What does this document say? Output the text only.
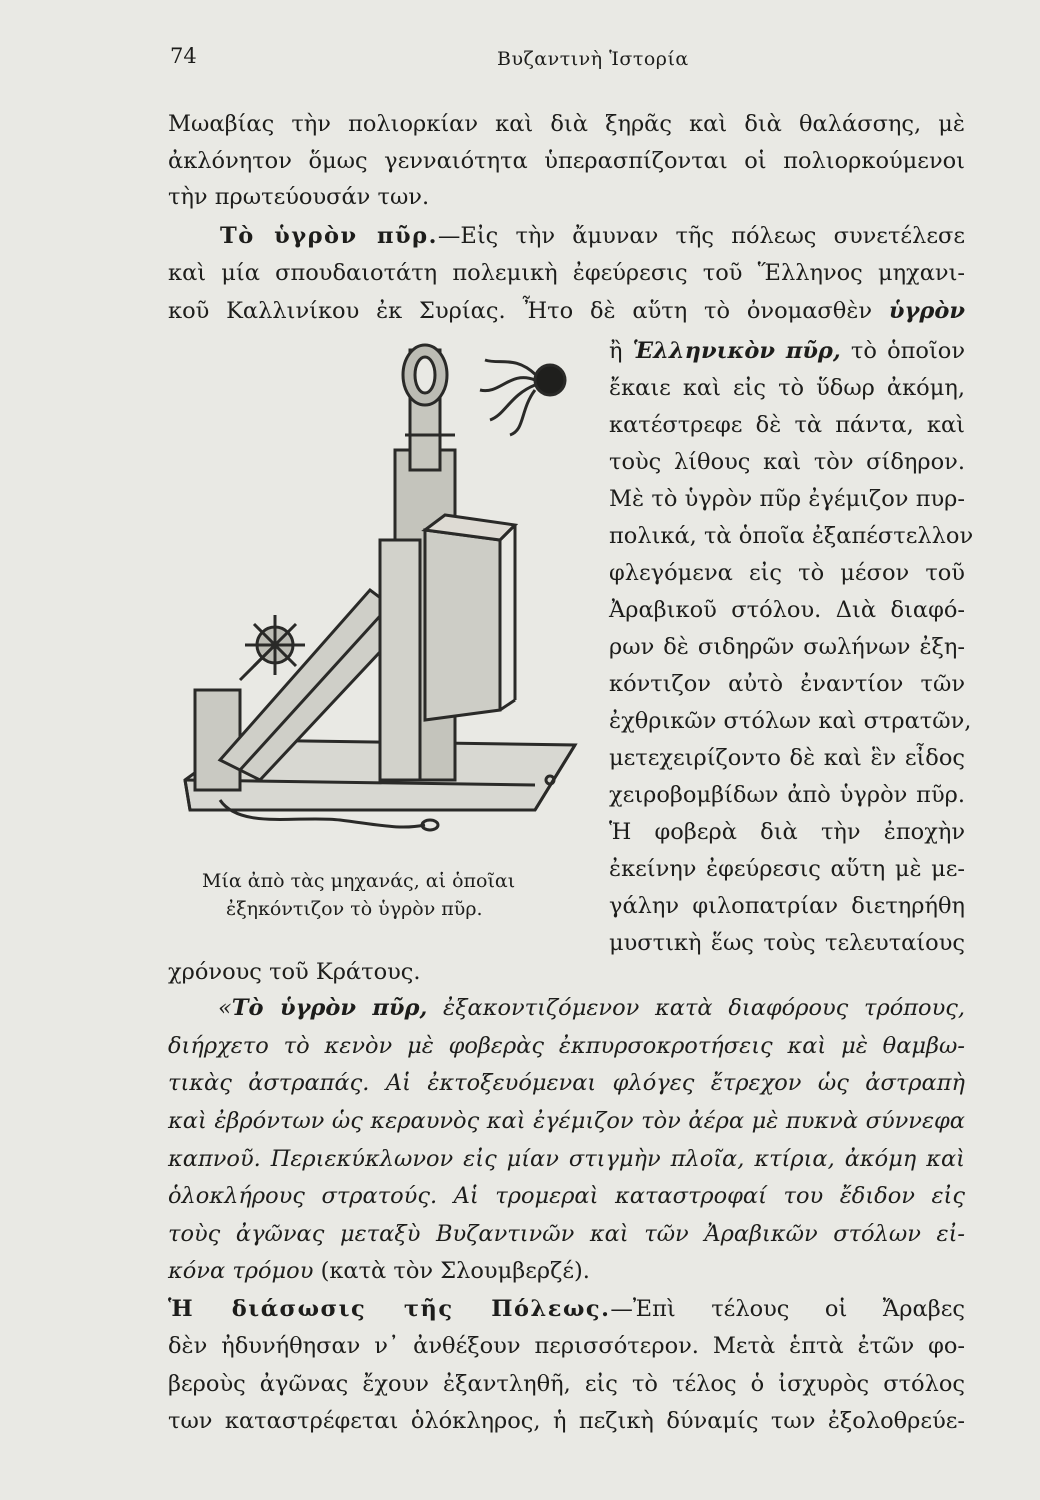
74	Βυζαντινὴ Ἱστορία
Μωαβίας τὴν πολιορκίαν καὶ διὰ ξηρᾶς καὶ διὰ θαλάσσης, μὲ
ἀκλόνητον ὅμως γενναιότητα ὑπερασπίζονται οἱ πολιορκούμενοι
τὴν πρωτεύουσάν των.
Τὸ ὑγρὸν πῦρ.—Εἰς τὴν ἄμυναν τῆς πόλεως συνετέλεσε
καὶ μία σπουδαιοτάτη πολεμικὴ ἐφεύρεσις τοῦ Ἕλληνος μηχανι-
κοῦ Καλλινίκου ἐκ Συρίας. Ἦτο δὲ αὕτη τὸ ὀνομασθὲν ὑγρὸν
ἢ Ἑλληνικὸν πῦρ, τὸ ὁποῖον
ἔκαιε καὶ εἰς τὸ ὕδωρ ἀκόμη,
κατέστρεφε δὲ τὰ πάντα, καὶ
τοὺς λίθους καὶ τὸν σίδηρον.
Μὲ τὸ ὑγρὸν πῦρ ἐγέμιζον πυρ-
πολικά, τὰ ὁποῖα ἐξαπέστελλον
φλεγόμενα εἰς τὸ μέσον τοῦ
Ἀραβικοῦ στόλου. Διὰ διαφό-
ρων δὲ σιδηρῶν σωλήνων ἐξη-
κόντιζον αὐτὸ ἐναντίον τῶν
ἐχθρικῶν στόλων καὶ στρατῶν,
μετεχειρίζοντο δὲ καὶ ἓν εἶδος
χειροβομβίδων ἀπὸ ὑγρὸν πῦρ.
Ἡ φοβερὰ διὰ τὴν ἐποχὴν
ἐκείνην ἐφεύρεσις αὕτη μὲ με-
γάλην φιλοπατρίαν διετηρήθη
μυστικὴ ἕως τοὺς τελευταίους
Μία ἀπὸ τὰς μηχανάς, αἱ ὁποῖαι
ἐξηκόντιζον τὸ ὑγρὸν πῦρ.
χρόνους τοῦ Κράτους.
«Τὸ ὑγρὸν πῦρ, ἐξακοντιζόμενον κατὰ διαφόρους τρόπους,
διήρχετο τὸ κενὸν μὲ φοβερὰς ἐκπυρσοκροτήσεις καὶ μὲ θαμβω-
τικὰς ἀστραπάς. Αἱ ἐκτοξευόμεναι φλόγες ἔτρεχον ὡς ἀστραπὴ
καὶ ἐβρόντων ὡς κεραυνὸς καὶ ἐγέμιζον τὸν ἀέρα μὲ πυκνὰ σύννεφα
καπνοῦ. Περιεκύκλωνον εἰς μίαν στιγμὴν πλοῖα, κτίρια, ἀκόμη καὶ
ὁλοκλήρους στρατούς. Αἱ τρομεραὶ καταστροφαί του ἔδιδον εἰς
τοὺς ἀγῶνας μεταξὺ Βυζαντινῶν καὶ τῶν Ἀραβικῶν στόλων εἰ-
κόνα τρόμου (κατὰ τὸν Σλουμβερζέ).
Ἡ διάσωσις τῆς Πόλεως.—Ἐπὶ τέλους οἱ Ἄραβες
δὲν ἠδυνήθησαν ν᾽ ἀνθέξουν περισσότερον. Μετὰ ἑπτὰ ἐτῶν φο-
βεροὺς ἀγῶνας ἔχουν ἐξαντληθῆ, εἰς τὸ τέλος ὁ ἰσχυρὸς στόλος
των καταστρέφεται ὁλόκληρος, ἡ πεζικὴ δύναμίς των ἐξολοθρεύε-
